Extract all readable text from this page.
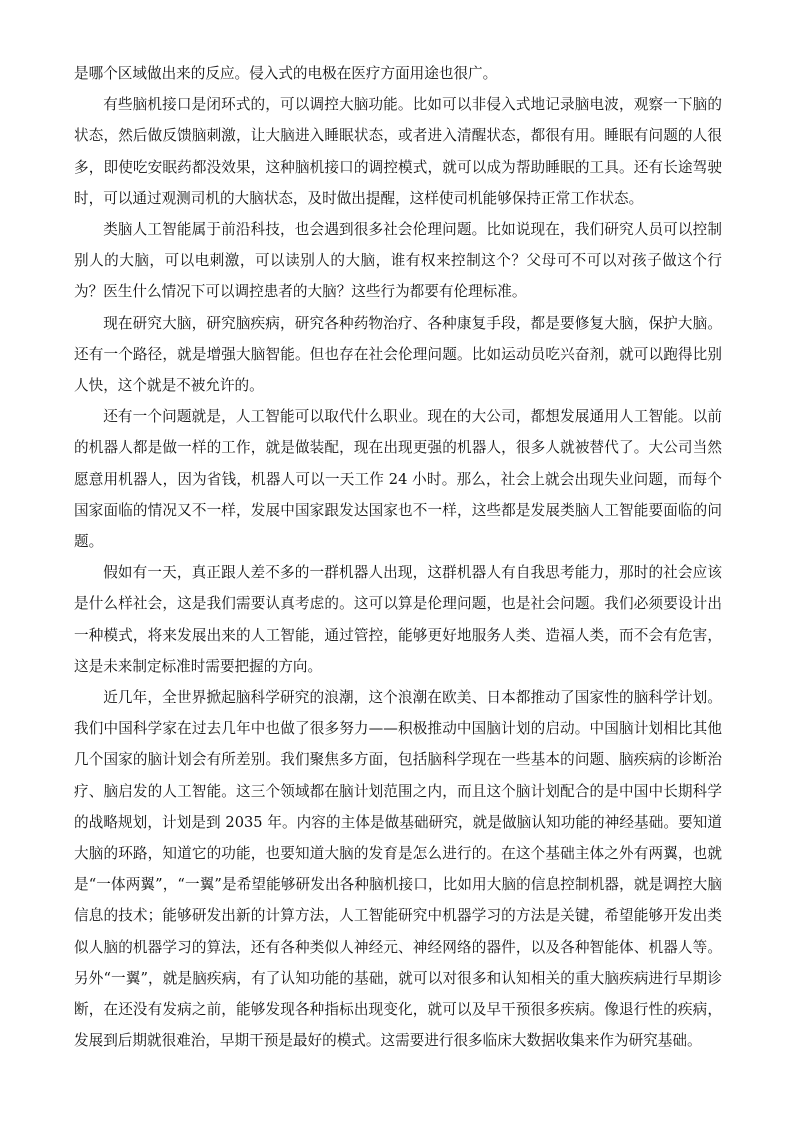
是哪个区域做出来的反应。侵入式的电极在医疗方面用途也很广。

有些脑机接口是闭环式的，可以调控大脑功能。比如可以非侵入式地记录脑电波，观察一下脑的状态，然后做反馈脑刺激，让大脑进入睡眠状态，或者进入清醒状态，都很有用。睡眠有问题的人很多，即使吃安眠药都没效果，这种脑机接口的调控模式，就可以成为帮助睡眠的工具。还有长途驾驶时，可以通过观测司机的大脑状态，及时做出提醒，这样使司机能够保持正常工作状态。

类脑人工智能属于前沿科技，也会遇到很多社会伦理问题。比如说现在，我们研究人员可以控制别人的大脑，可以电刺激，可以读别人的大脑，谁有权来控制这个？父母可不可以对孩子做这个行为？医生什么情况下可以调控患者的大脑？这些行为都要有伦理标准。

现在研究大脑，研究脑疾病，研究各种药物治疗、各种康复手段，都是要修复大脑，保护大脑。还有一个路径，就是增强大脑智能。但也存在社会伦理问题。比如运动员吃兴奋剂，就可以跑得比别人快，这个就是不被允许的。

还有一个问题就是，人工智能可以取代什么职业。现在的大公司，都想发展通用人工智能。以前的机器人都是做一样的工作，就是做装配，现在出现更强的机器人，很多人就被替代了。大公司当然愿意用机器人，因为省钱，机器人可以一天工作 24 小时。那么，社会上就会出现失业问题，而每个国家面临的情况又不一样，发展中国家跟发达国家也不一样，这些都是发展类脑人工智能要面临的问题。

假如有一天，真正跟人差不多的一群机器人出现，这群机器人有自我思考能力，那时的社会应该是什么样社会，这是我们需要认真考虑的。这可以算是伦理问题，也是社会问题。我们必须要设计出一种模式，将来发展出来的人工智能，通过管控，能够更好地服务人类、造福人类，而不会有危害，这是未来制定标准时需要把握的方向。

近几年，全世界掀起脑科学研究的浪潮，这个浪潮在欧美、日本都推动了国家性的脑科学计划。我们中国科学家在过去几年中也做了很多努力——积极推动中国脑计划的启动。中国脑计划相比其他几个国家的脑计划会有所差别。我们聚焦多方面，包括脑科学现在一些基本的问题、脑疾病的诊断治疗、脑启发的人工智能。这三个领域都在脑计划范围之内，而且这个脑计划配合的是中国中长期科学的战略规划，计划是到 2035 年。内容的主体是做基础研究，就是做脑认知功能的神经基础。要知道大脑的环路，知道它的功能，也要知道大脑的发育是怎么进行的。在这个基础主体之外有两翼，也就是“一体两翼”，“一翼”是希望能够研发出各种脑机接口，比如用大脑的信息控制机器，就是调控大脑信息的技术；能够研发出新的计算方法，人工智能研究中机器学习的方法是关键，希望能够开发出类似人脑的机器学习的算法，还有各种类似人神经元、神经网络的器件，以及各种智能体、机器人等。另外“一翼”，就是脑疾病，有了认知功能的基础，就可以对很多和认知相关的重大脑疾病进行早期诊断，在还没有发病之前，能够发现各种指标出现变化，就可以及早干预很多疾病。像退行性的疾病，发展到后期就很难治，早期干预是最好的模式。这需要进行很多临床大数据收集来作为研究基础。
